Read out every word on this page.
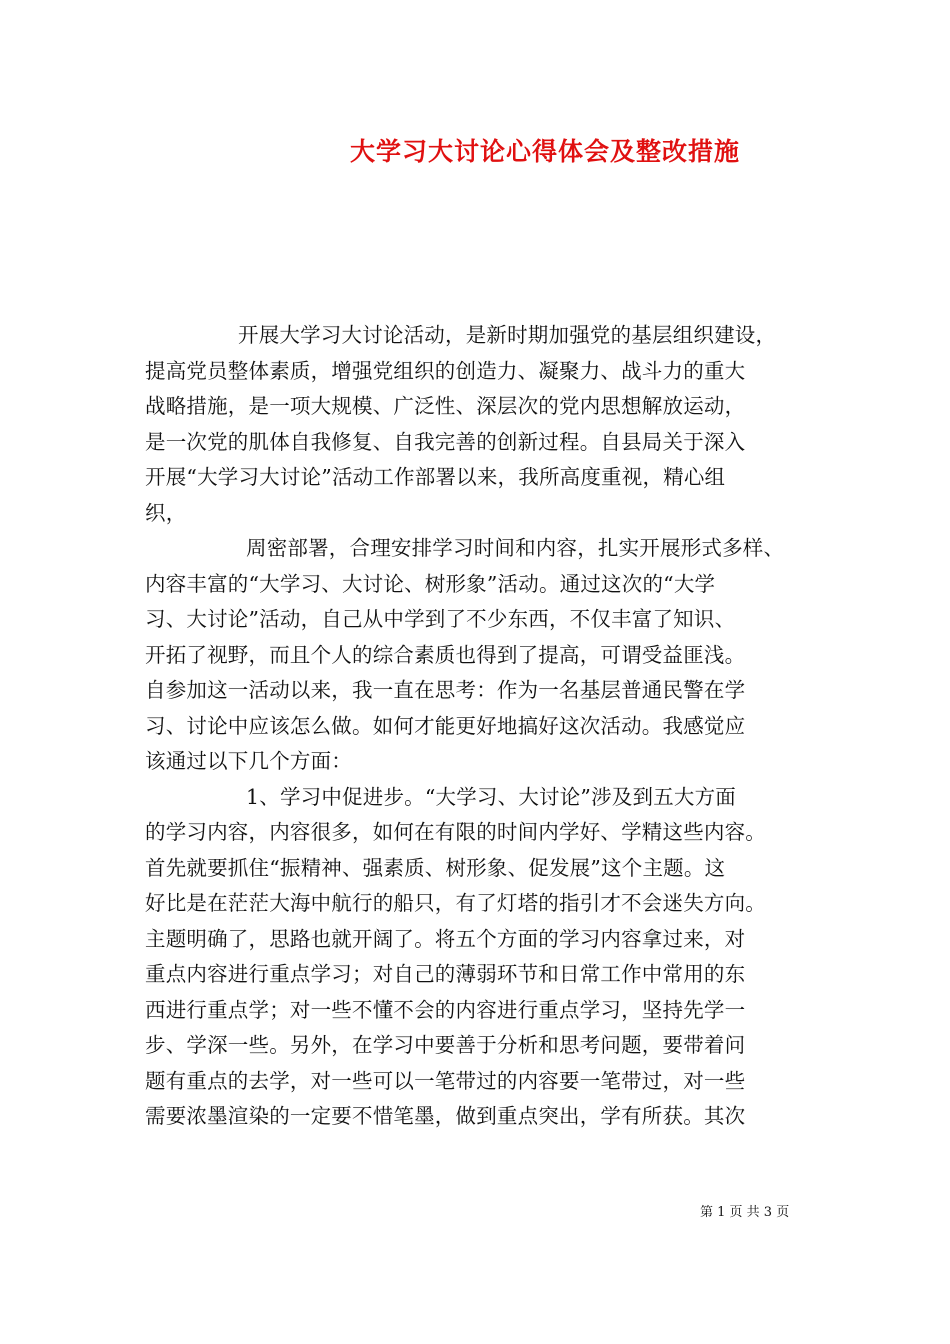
大学习大讨论心得体会及整改措施
开展大学习大讨论活动，是新时期加强党的基层组织建设，
提高党员整体素质，增强党组织的创造力、凝聚力、战斗力的重大
战略措施，是一项大规模、广泛性、深层次的党内思想解放运动，
是一次党的肌体自我修复、自我完善的创新过程。自县局关于深入
开展“大学习大讨论”活动工作部署以来，我所高度重视，精心组
织，
周密部署，合理安排学习时间和内容，扎实开展形式多样、
内容丰富的“大学习、大讨论、树形象”活动。通过这次的“大学
习、大讨论”活动，自己从中学到了不少东西，不仅丰富了知识、
开拓了视野，而且个人的综合素质也得到了提高，可谓受益匪浅。
自参加这一活动以来，我一直在思考：作为一名基层普通民警在学
习、讨论中应该怎么做。如何才能更好地搞好这次活动。我感觉应
该通过以下几个方面：
1、学习中促进步。“大学习、大讨论”涉及到五大方面
的学习内容，内容很多，如何在有限的时间内学好、学精这些内容。
首先就要抓住“振精神、强素质、树形象、促发展”这个主题。这
好比是在茫茫大海中航行的船只，有了灯塔的指引才不会迷失方向。
主题明确了，思路也就开阔了。将五个方面的学习内容拿过来，对
重点内容进行重点学习；对自己的薄弱环节和日常工作中常用的东
西进行重点学；对一些不懂不会的内容进行重点学习，坚持先学一
步、学深一些。另外，在学习中要善于分析和思考问题，要带着问
题有重点的去学，对一些可以一笔带过的内容要一笔带过，对一些
需要浓墨渲染的一定要不惜笔墨，做到重点突出，学有所获。其次
第 1 页 共 3 页
